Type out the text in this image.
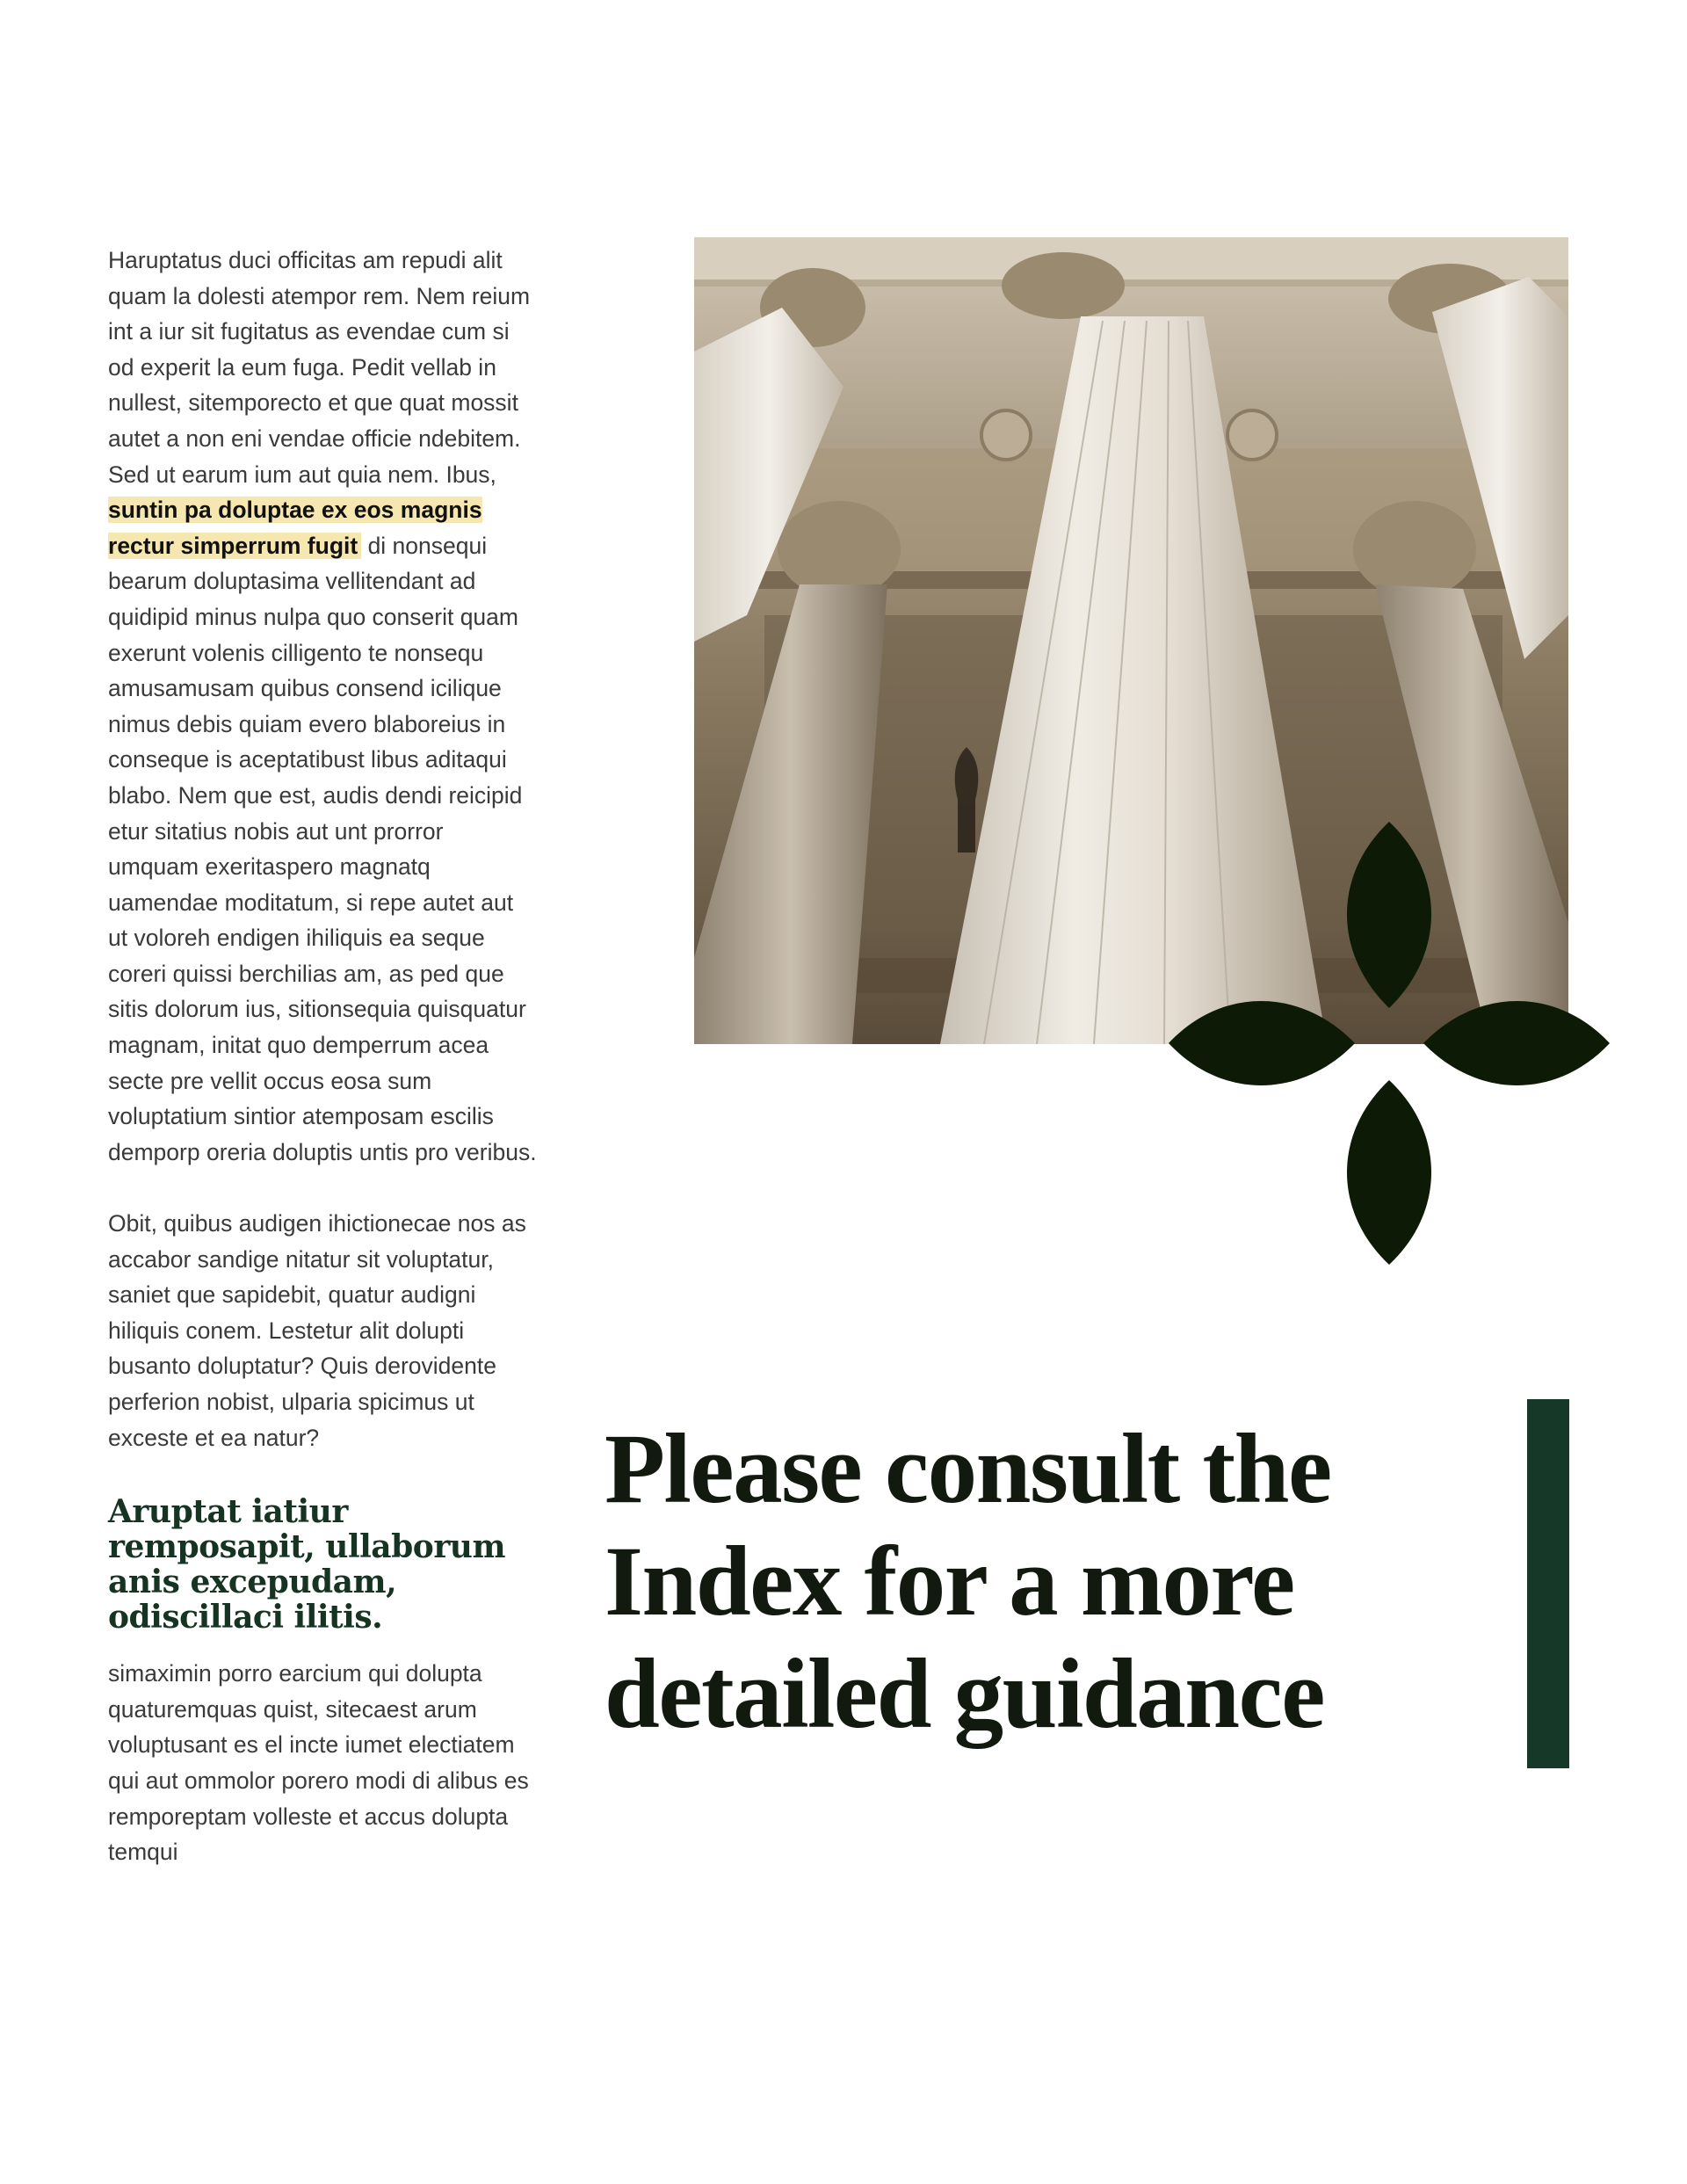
Haruptatus duci officitas am repudi alit quam la dolesti atempor rem. Nem reium int a iur sit fugitatus as evendae cum si od experit la eum fuga. Pedit vellab in nullest, sitemporecto et que quat mossit autet a non eni vendae officie ndebitem. Sed ut earum ium aut quia nem. Ibus, suntin pa doluptae ex eos magnis rectur simperrum fugit di nonsequi bearum doluptasima vellitendant ad quidipid minus nulpa quo conserit quam exerunt volenis cilligento te nonsequ amusamusam quibus consend icilique nimus debis quiam evero blaboreius in conseque is aceptatibust libus aditaqui blabo. Nem que est, audis dendi reicipid etur sitatius nobis aut unt prorror umquam exeritaspero magnatq uamendae moditatum, si repe autet aut ut voloreh endigen ihiliquis ea seque coreri quissi berchilias am, as ped que sitis dolorum ius, sitionsequia quisquatur magnam, initat quo demperrum acea secte pre vellit occus eosa sum voluptatium sintior atemposam escilis demporp oreria doluptis untis pro veribus.

Obit, quibus audigen ihictionecae nos as accabor sandige nitatur sit voluptatur, saniet que sapidebit, quatur audigni hiliquis conem. Lestetur alit dolupti busanto doluptatur? Quis derovidente perferion nobist, ulparia spicimus ut exceste et ea natur?

Aruptat iatiur remposapit, ullaborum anis excepudam, odiscillaci ilitis.

simaximin porro earcium qui dolupta quaturemquas quist, sitecaest arum voluptusant es el incte iumet electiatem qui aut ommolor porero modi di alibus es remporeptam volleste et accus dolupta temqui

Please consult the
Index for a more
detailed guidance
